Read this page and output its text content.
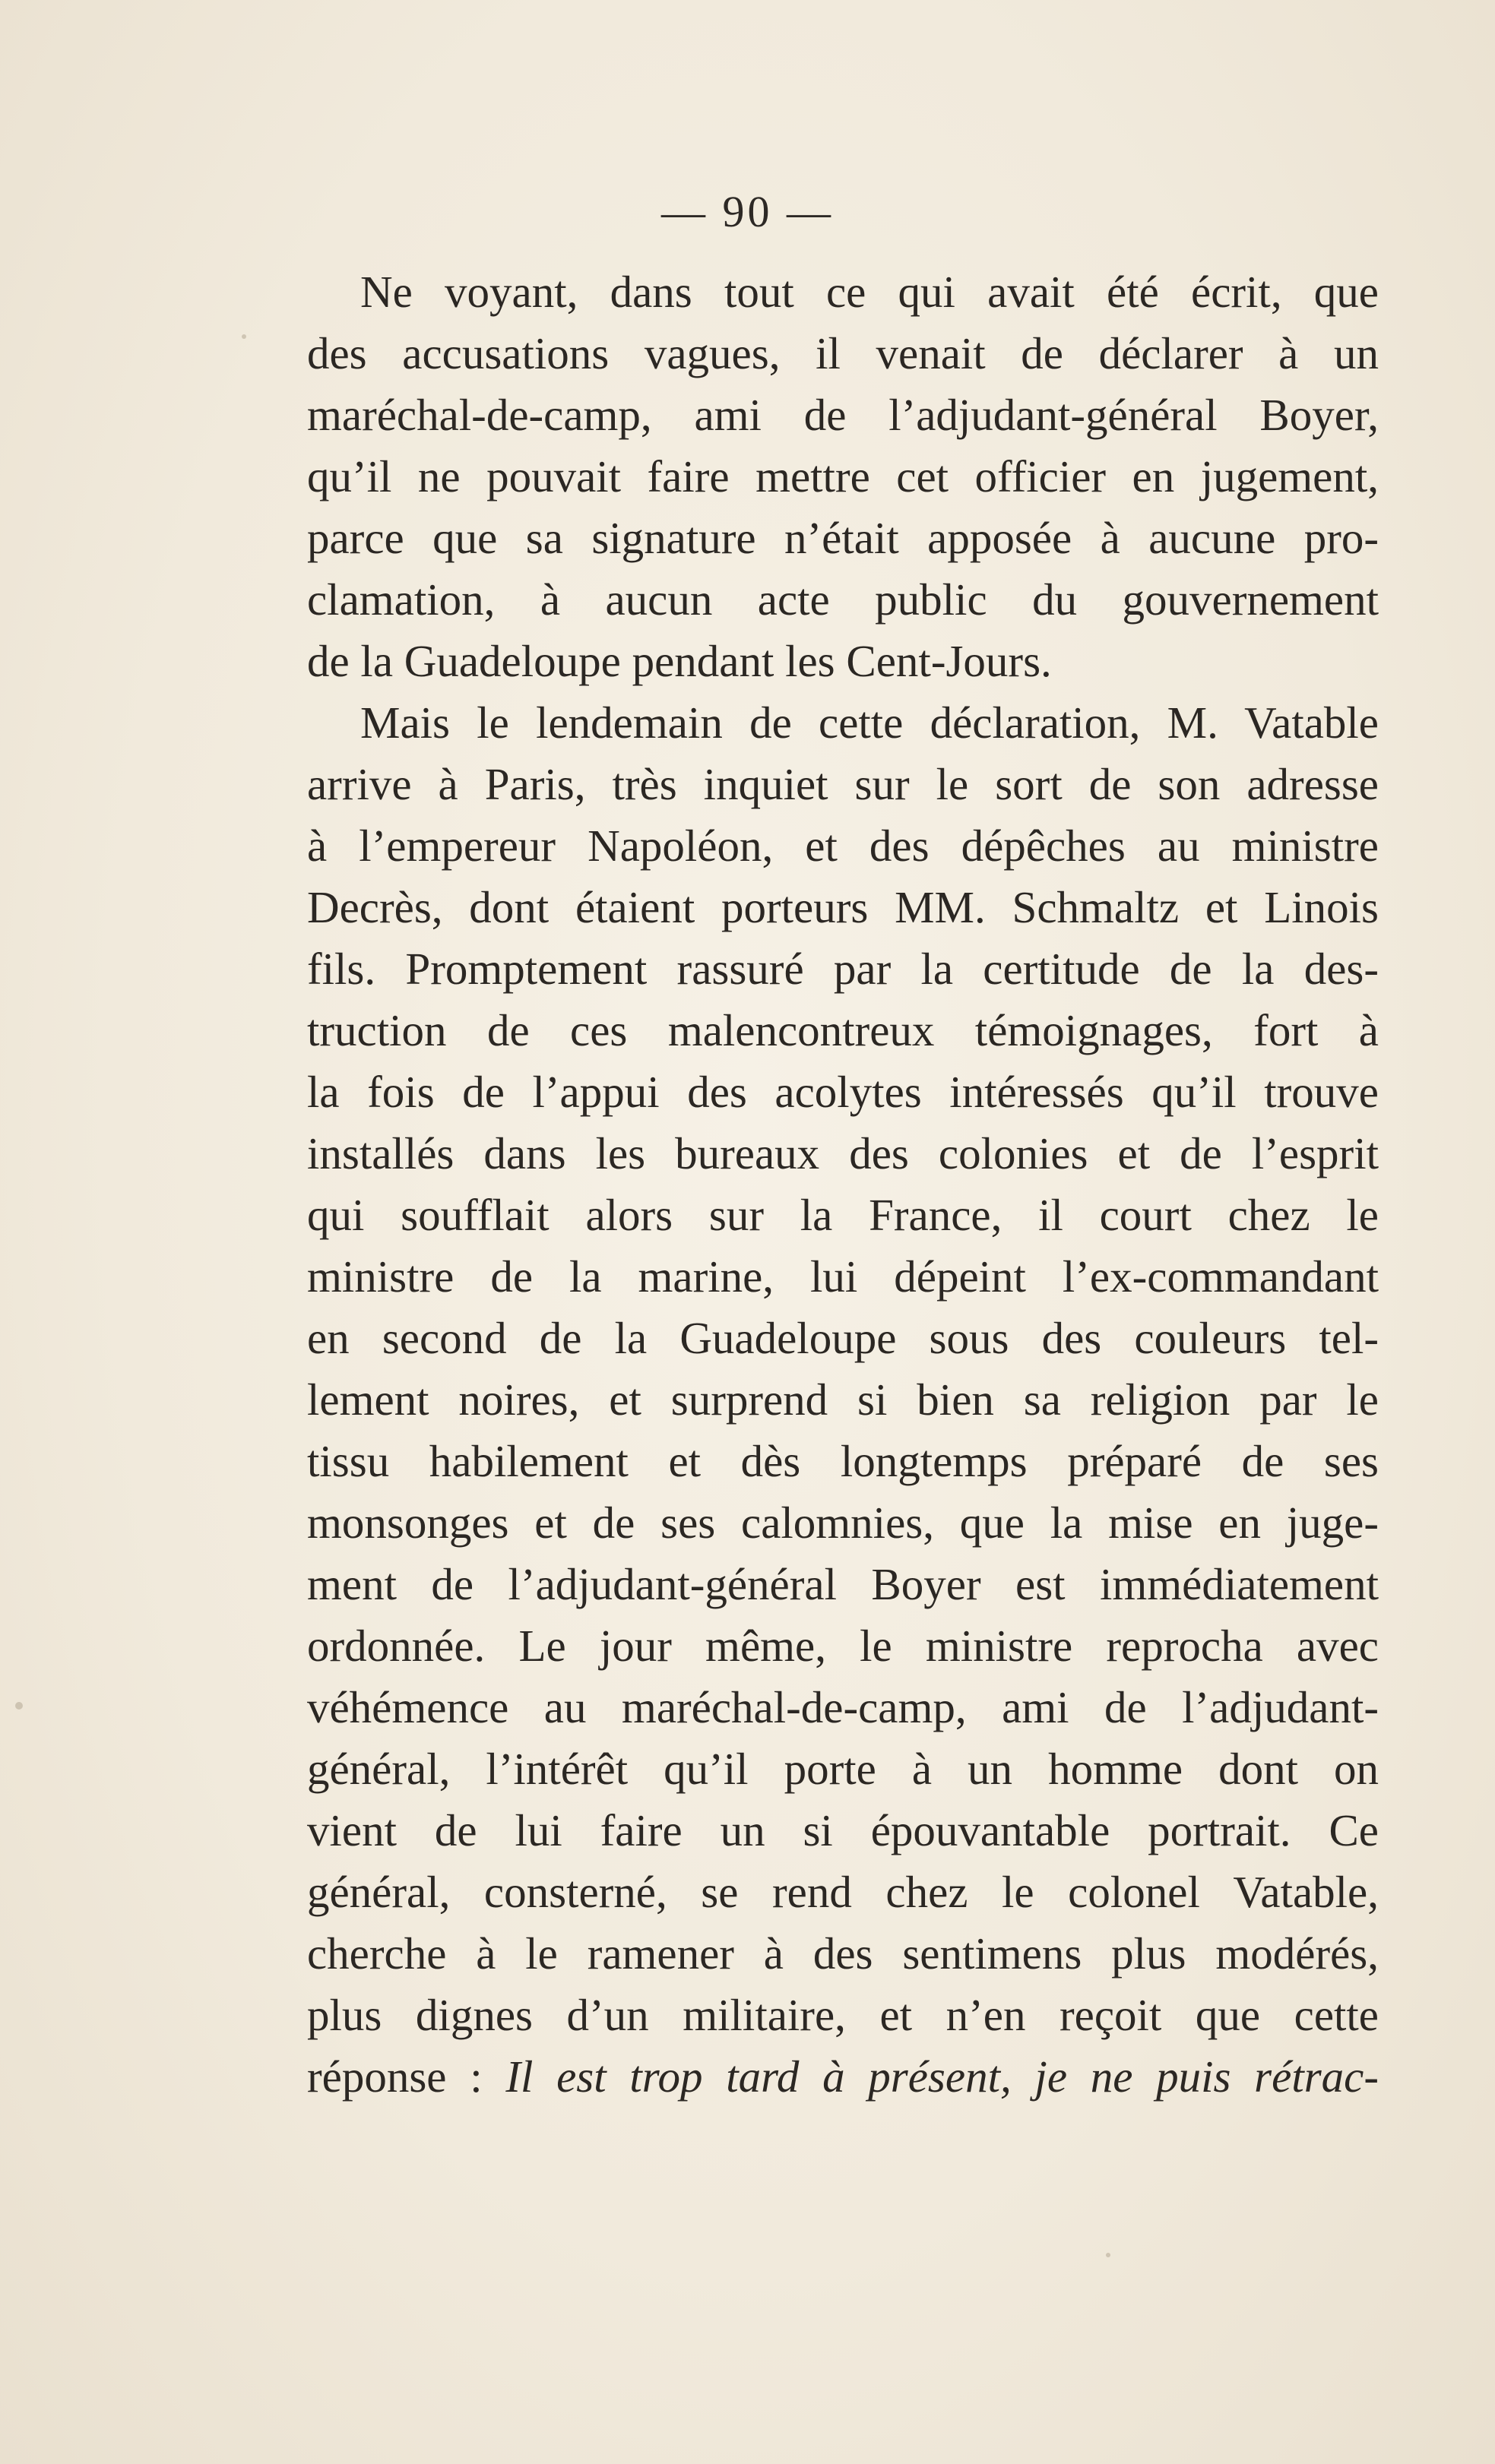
— 90 —
Ne voyant, dans tout ce qui avait été écrit, que
des accusations vagues, il venait de déclarer à un
maréchal-de-camp, ami de l’adjudant-général Boyer,
qu’il ne pouvait faire mettre cet officier en jugement,
parce que sa signature n’était apposée à aucune pro-
clamation, à aucun acte public du gouvernement
de la Guadeloupe pendant les Cent-Jours.
Mais le lendemain de cette déclaration, M. Vatable
arrive à Paris, très inquiet sur le sort de son adresse
à l’empereur Napoléon, et des dépêches au ministre
Decrès, dont étaient porteurs MM. Schmaltz et Linois
fils. Promptement rassuré par la certitude de la des-
truction de ces malencontreux témoignages, fort à
la fois de l’appui des acolytes intéressés qu’il trouve
installés dans les bureaux des colonies et de l’esprit
qui soufflait alors sur la France, il court chez le
ministre de la marine, lui dépeint l’ex-commandant
en second de la Guadeloupe sous des couleurs tel-
lement noires, et surprend si bien sa religion par le
tissu habilement et dès longtemps préparé de ses
monsonges et de ses calomnies, que la mise en juge-
ment de l’adjudant-général Boyer est immédiatement
ordonnée. Le jour même, le ministre reprocha avec
véhémence au maréchal-de-camp, ami de l’adjudant-
général, l’intérêt qu’il porte à un homme dont on
vient de lui faire un si épouvantable portrait. Ce
général, consterné, se rend chez le colonel Vatable,
cherche à le ramener à des sentimens plus modérés,
plus dignes d’un militaire, et n’en reçoit que cette
réponse : Il est trop tard à présent, je ne puis rétrac-
